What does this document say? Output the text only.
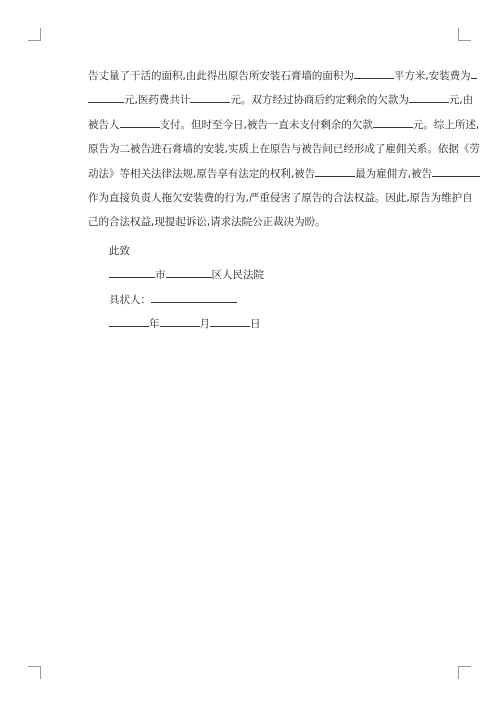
告丈量了干活的面积,由此得出原告所安装石膏墙的面积为	平方米,安装费为
元,医药费共计	元。双方经过协商后约定剩余的欠款为	元,由
被告人	支付。但时至今日,被告一直未支付剩余的欠款	元。综上所述,
原告为二被告进石膏墙的安装,实质上在原告与被告间已经形成了雇佣关系。依据《劳
动法》等相关法律法规,原告享有法定的权利,被告	最为雇佣方,被告
作为直接负责人拖欠安装费的行为,严重侵害了原告的合法权益。因此,原告为维护自
己的合法权益,现提起诉讼,请求法院公正裁决为盼。
此致
市	区人民法院
具状人：
年	月	日
